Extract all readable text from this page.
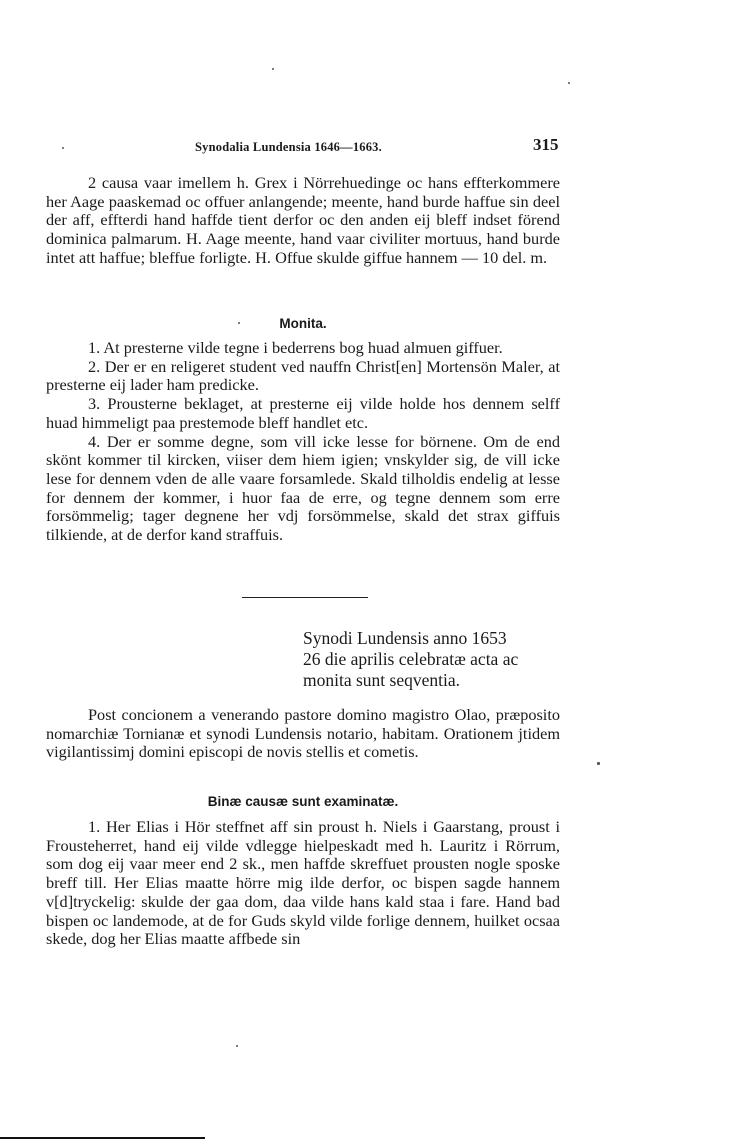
Synodalia Lundensia 1646—1663.	315

2 causa vaar imellem h. Grex i Nörrehuedinge oc hans effterkommere her Aage paaskemad oc offuer anlangende; meente, hand burde haffue sin deel der aff, effterdi hand haffde tient derfor oc den anden eij bleff indset förend dominica palmarum. H. Aage meente, hand vaar civiliter mortuus, hand burde intet att haffue; bleffue forligte. H. Offue skulde giffue hannem — 10 del. m.

Monita.

1. At presterne vilde tegne i bederrens bog huad almuen giffuer.

2. Der er en religeret student ved nauffn Christ[en] Mortensön Maler, at presterne eij lader ham predicke.

3. Prousterne beklaget, at presterne eij vilde holde hos dennem selff huad himmeligt paa prestemode bleff handlet etc.

4. Der er somme degne, som vill icke lesse for börnene. Om de end skönt kommer til kircken, viiser dem hiem igien; vnskylder sig, de vill icke lese for dennem vden de alle vaare forsamlede. Skald tilholdis endelig at lesse for dennem der kommer, i huor faa de erre, og tegne dennem som erre forsömmelig; tager degnene her vdj forsömmelse, skald det strax giffuis tilkiende, at de derfor kand straffuis.

Synodi Lundensis anno 1653
26 die aprilis celebratæ acta ac
monita sunt seqventia.

Post concionem a venerando pastore domino magistro Olao, præposito nomarchiæ Tornianæ et synodi Lundensis notario, habitam. Orationem jtidem vigilantissimj domini episcopi de novis stellis et cometis.

Binæ causæ sunt examinatæ.

1. Her Elias i Hör steffnet aff sin proust h. Niels i Gaarstang, proust i Frousteherret, hand eij vilde vdlegge hielpeskadt med h. Lauritz i Rörrum, som dog eij vaar meer end 2 sk., men haffde skreffuet prousten nogle sposke breff till. Her Elias maatte hörre mig ilde derfor, oc bispen sagde hannem v[d]tryckelig: skulde der gaa dom, daa vilde hans kald staa i fare. Hand bad bispen oc landemode, at de for Guds skyld vilde forlige dennem, huilket ocsaa skede, dog her Elias maatte affbede sin
